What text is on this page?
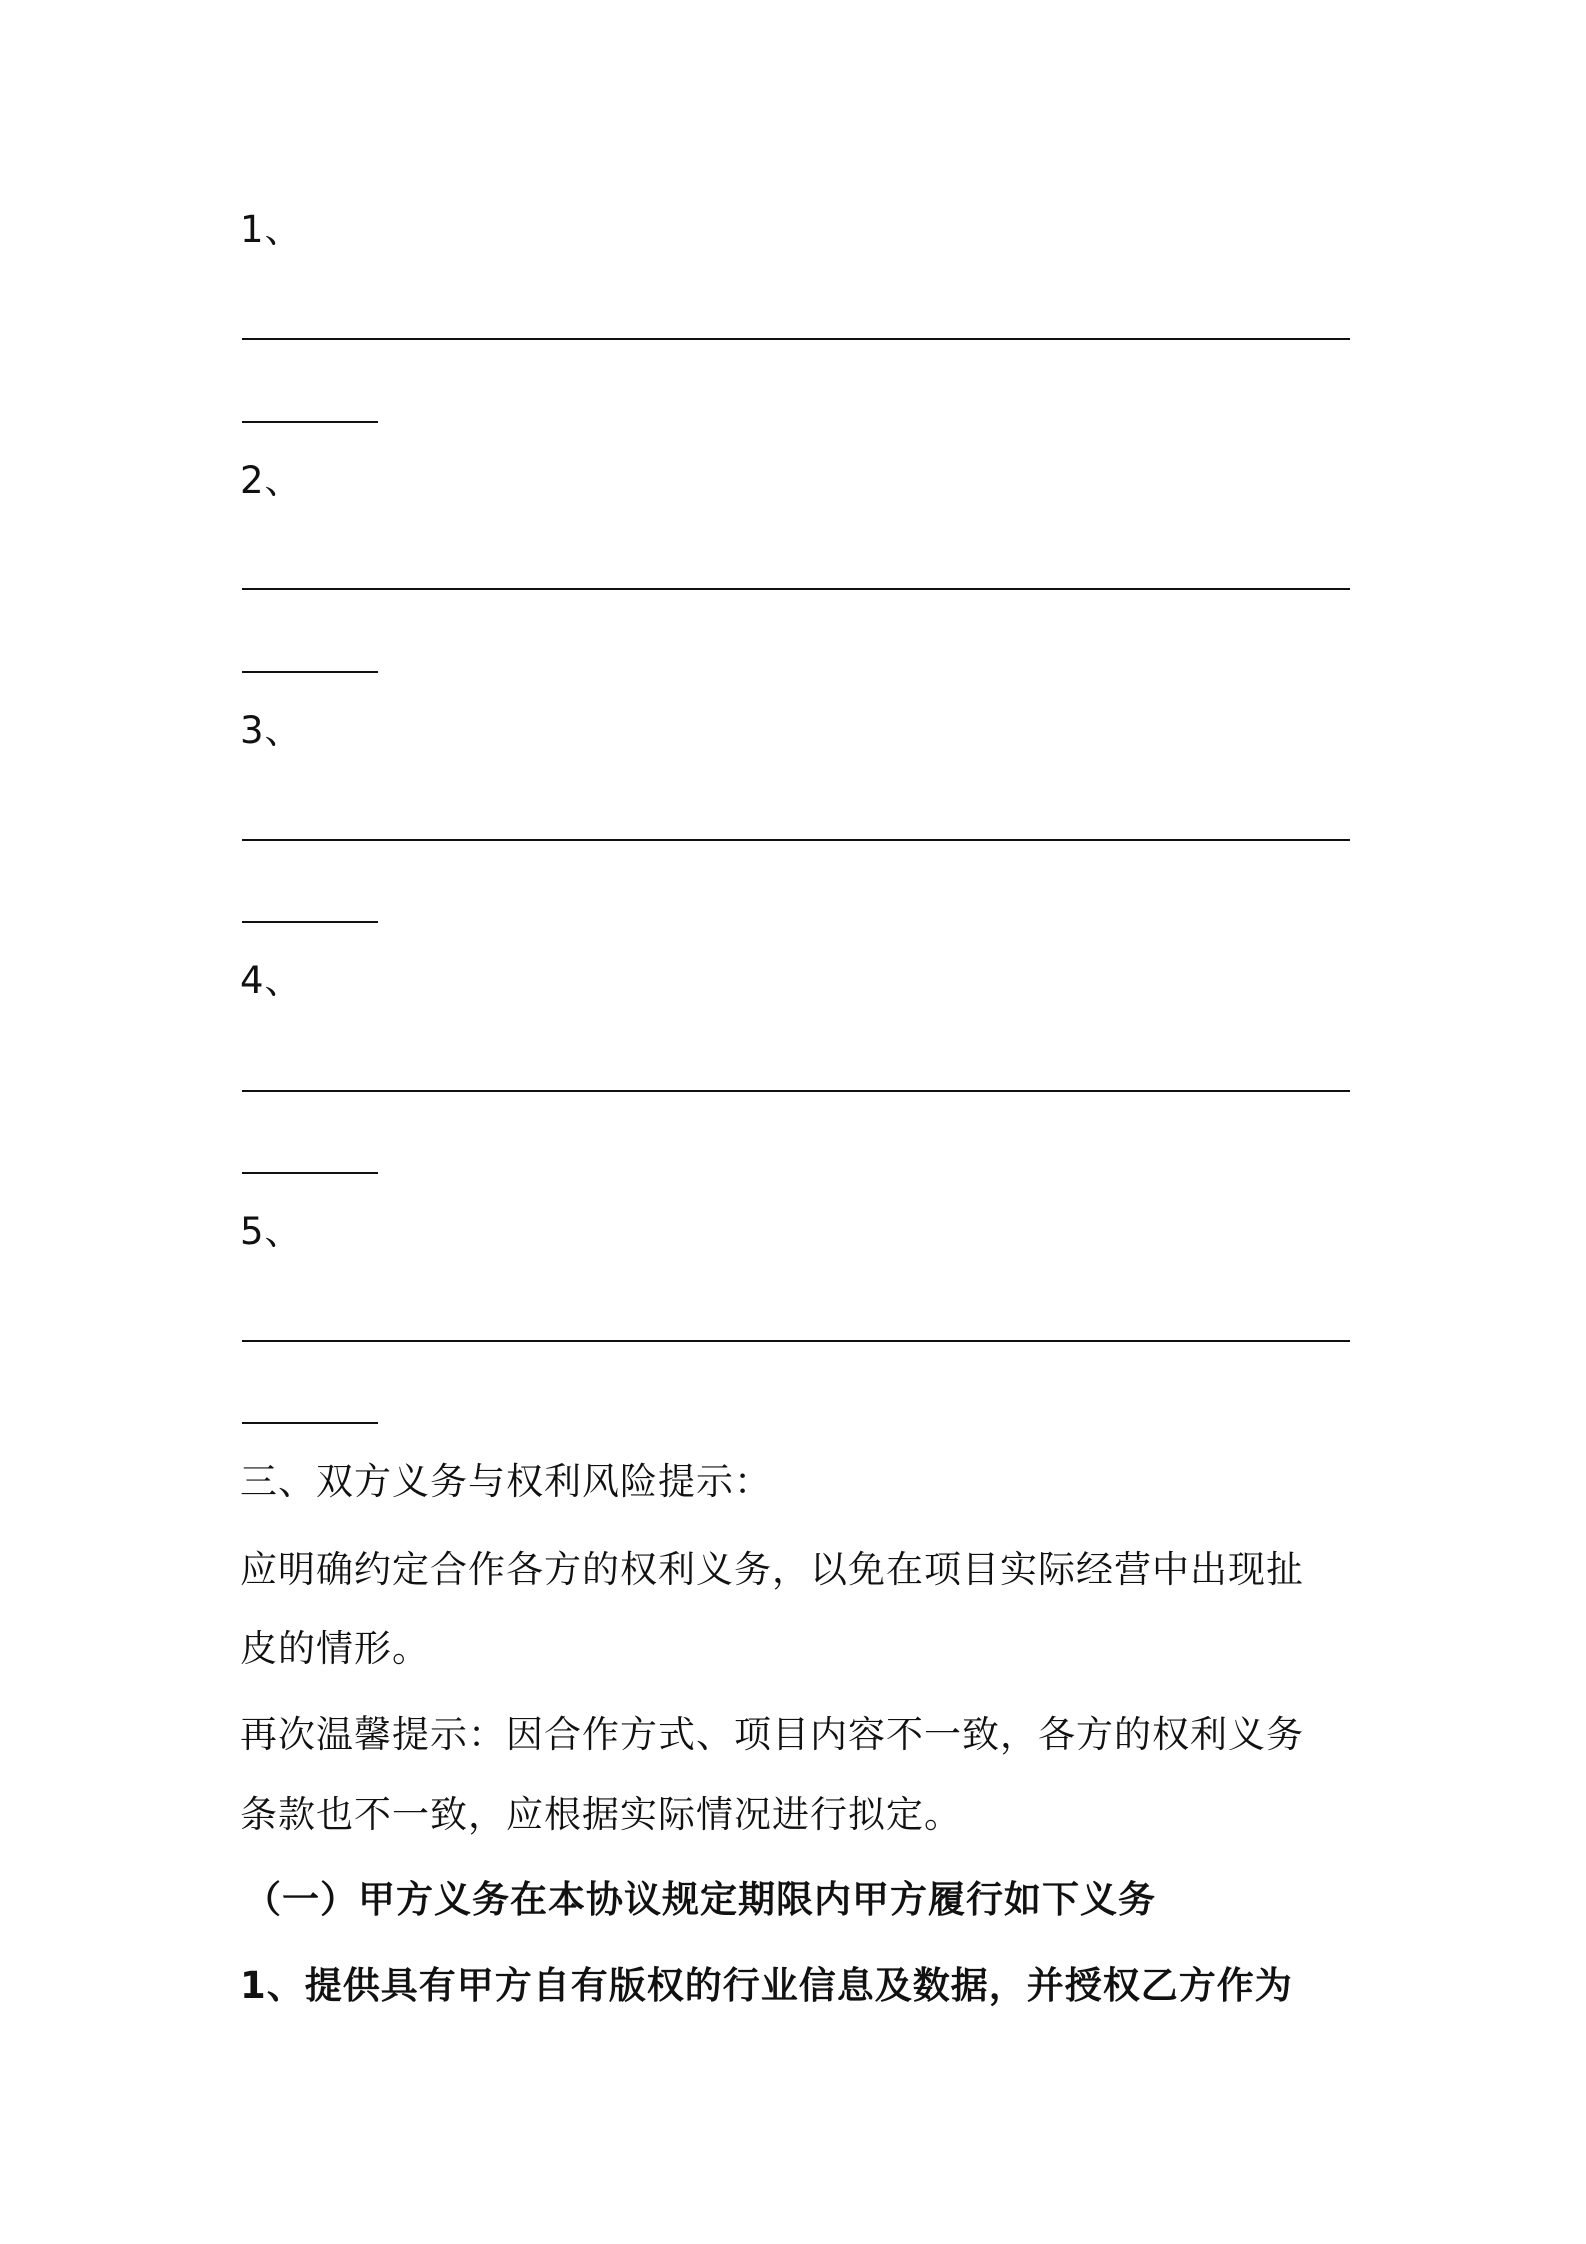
1、
2、
3、
4、
5、
三、双方义务与权利风险提示：
应明确约定合作各方的权利义务，以免在项目实际经营中出现扯
皮的情形。
再次温馨提示：因合作方式、项目内容不一致，各方的权利义务
条款也不一致，应根据实际情况进行拟定。
（一）甲方义务在本协议规定期限内甲方履行如下义务
1、提供具有甲方自有版权的行业信息及数据，并授权乙方作为
